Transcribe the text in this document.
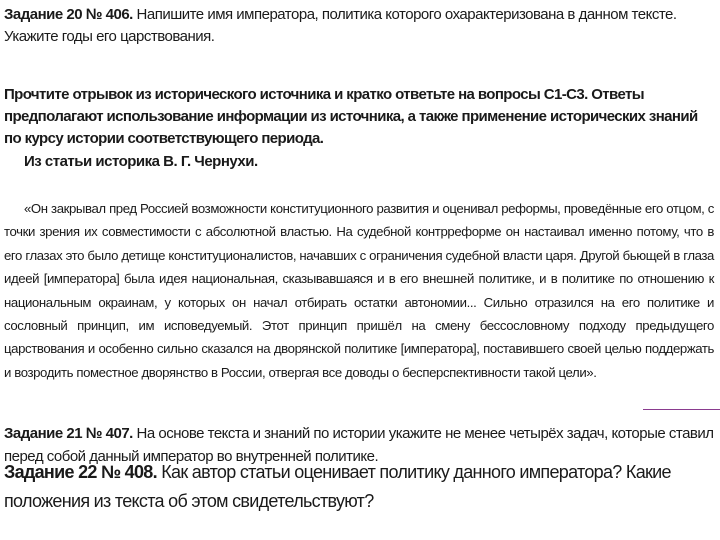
Задание 20 № 406. Напишите имя императора, политика которого охарактеризована в данном тексте. Укажите годы его царствования.

Прочтите отрывок из исторического источника и кратко ответьте на вопросы С1-С3. Ответы предполагают использование информации из источника, а также применение исторических знаний по курсу истории соответствующего периода.

Из статьи историка В. Г. Чернухи.

«Он закрывал пред Россией возможности конституционного развития и оценивал реформы, проведённые его отцом, с точки зрения их совместимости с абсолютной властью. На судебной контрреформе он настаивал именно потому, что в его глазах это было детище конституционалистов, начавших с ограничения судебной власти царя. Другой бьющей в глаза идеей [императора] была идея национальная, сказывавшаяся и в его внешней политике, и в политике по отношению к национальным окраинам, у которых он начал отбирать остатки автономии... Сильно отразился на его политике и сословный принцип, им исповедуемый. Этот принцип пришёл на смену бессословному подходу предыдущего царствования и особенно сильно сказался на дворянской политике [императора], поставившего своей целью поддержать и возродить поместное дворянство в России, отвергая все доводы о бесперспективности такой цели».

Задание 21 № 407. На основе текста и знаний по истории укажите не менее четырёх задач, которые ставил перед собой данный император во внутренней политике.

Задание 22 № 408. Как автор статьи оценивает политику данного императора? Какие положения из текста об этом свидетельствуют?
